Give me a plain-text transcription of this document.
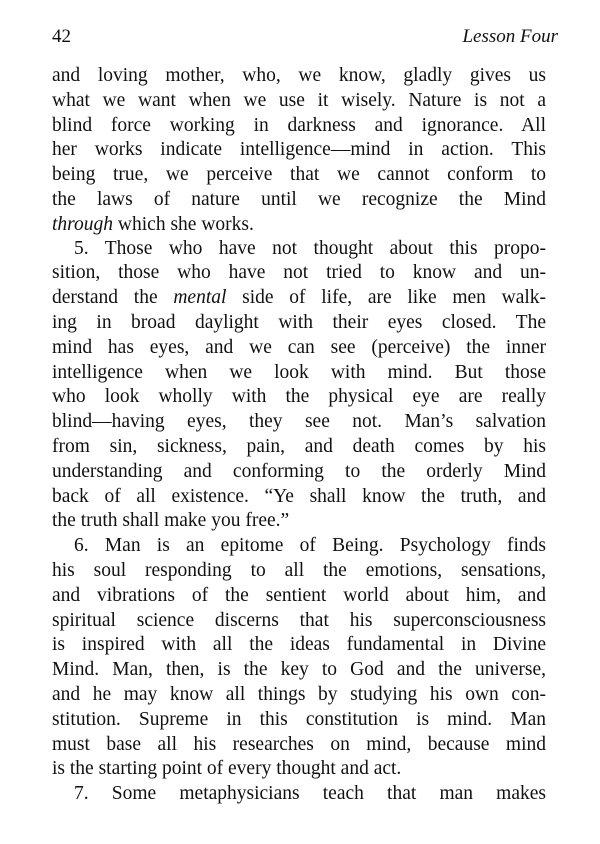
42	Lesson Four
and loving mother, who, we know, gladly gives us
what we want when we use it wisely. Nature is not a
blind force working in darkness and ignorance. All
her works indicate intelligence—mind in action. This
being true, we perceive that we cannot conform to
the laws of nature until we recognize the Mind
through which she works.
5. Those who have not thought about this propo-
sition, those who have not tried to know and un-
derstand the mental side of life, are like men walk-
ing in broad daylight with their eyes closed. The
mind has eyes, and we can see (perceive) the inner
intelligence when we look with mind. But those
who look wholly with the physical eye are really
blind—having eyes, they see not. Man’s salvation
from sin, sickness, pain, and death comes by his
understanding and conforming to the orderly Mind
back of all existence. “Ye shall know the truth, and
the truth shall make you free.”
6. Man is an epitome of Being. Psychology finds
his soul responding to all the emotions, sensations,
and vibrations of the sentient world about him, and
spiritual science discerns that his superconsciousness
is inspired with all the ideas fundamental in Divine
Mind. Man, then, is the key to God and the universe,
and he may know all things by studying his own con-
stitution. Supreme in this constitution is mind. Man
must base all his researches on mind, because mind
is the starting point of every thought and act.
7. Some metaphysicians teach that man makes
